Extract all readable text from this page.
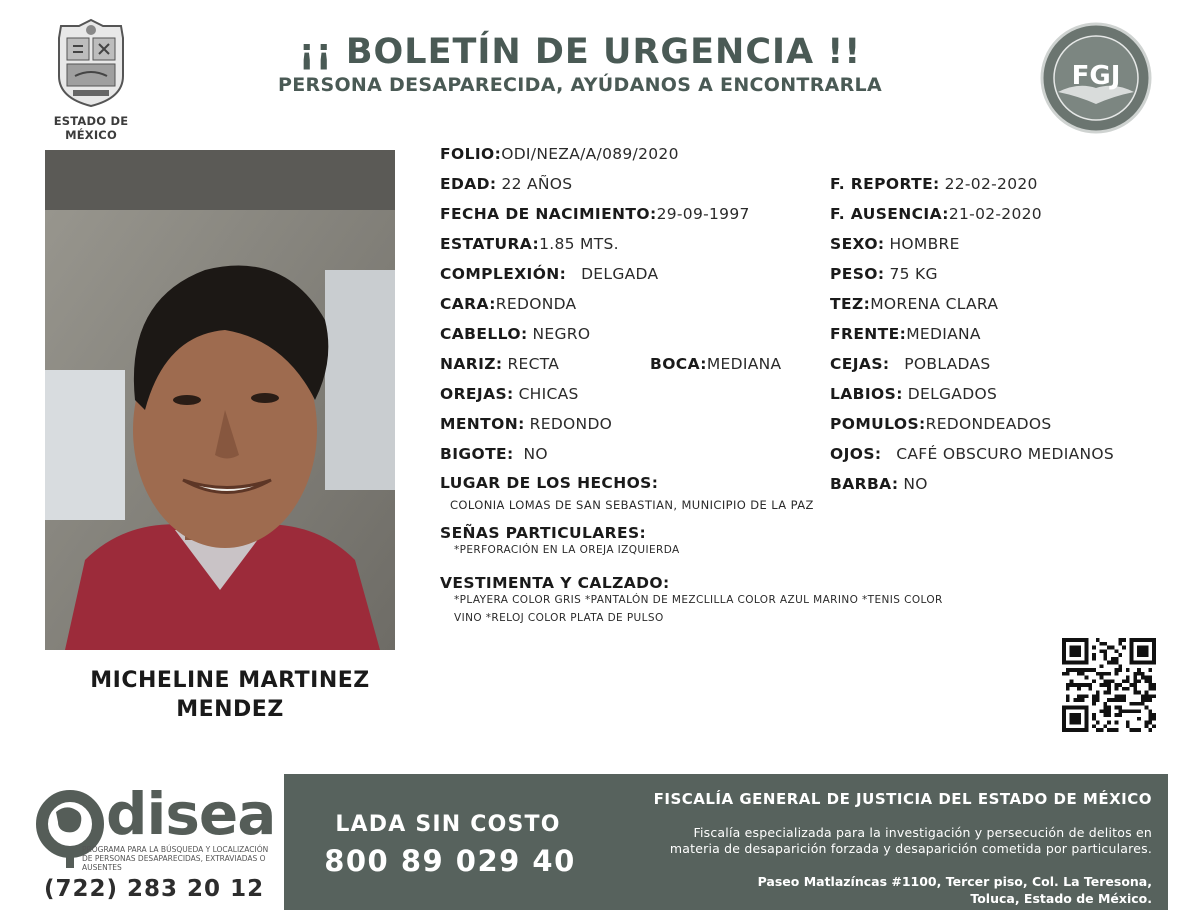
ESTADO DE MÉXICO
¡¡ BOLETÍN DE URGENCIA !!
PERSONA DESAPARECIDA, AYÚDANOS A ENCONTRARLA	FGJ
MICHELINE MARTINEZ
MENDEZ
FOLIO:ODI/NEZA/A/089/2020
EDAD: 22 AÑOS	F. REPORTE: 22-02-2020
FECHA DE NACIMIENTO:29-09-1997	F. AUSENCIA:21-02-2020
ESTATURA:1.85 MTS.	SEXO: HOMBRE
COMPLEXIÓN: DELGADA	PESO: 75 KG
CARA:REDONDA	TEZ:MORENA CLARA
CABELLO: NEGRO	FRENTE:MEDIANA
NARIZ: RECTA	BOCA:MEDIANA	CEJAS: POBLADAS
OREJAS: CHICAS	LABIOS: DELGADOS
MENTON: REDONDO	POMULOS:REDONDEADOS
BIGOTE: NO	OJOS: CAFÉ OBSCURO MEDIANOS
LUGAR DE LOS HECHOS:	BARBA: NO
COLONIA LOMAS DE SAN SEBASTIAN, MUNICIPIO DE LA PAZ
SEÑAS PARTICULARES:
*PERFORACIÓN EN LA OREJA IZQUIERDA
VESTIMENTA Y CALZADO:
*PLAYERA COLOR GRIS *PANTALÓN DE MEZCLILLA COLOR AZUL MARINO *TENIS COLOR
VINO *RELOJ COLOR PLATA DE PULSO
disea
PROGRAMA PARA LA BÚSQUEDA Y LOCALIZACIÓN DE PERSONAS DESAPARECIDAS, EXTRAVIADAS O AUSENTES
(722) 283 20 12
LADA SIN COSTO
800 89 029 40
FISCALÍA GENERAL DE JUSTICIA DEL ESTADO DE MÉXICO
Fiscalía especializada para la investigación y persecución de delitos en
materia de desaparición forzada y desaparición cometida por particulares.
Paseo Matlazíncas #1100, Tercer piso, Col. La Teresona,
Toluca, Estado de México.
